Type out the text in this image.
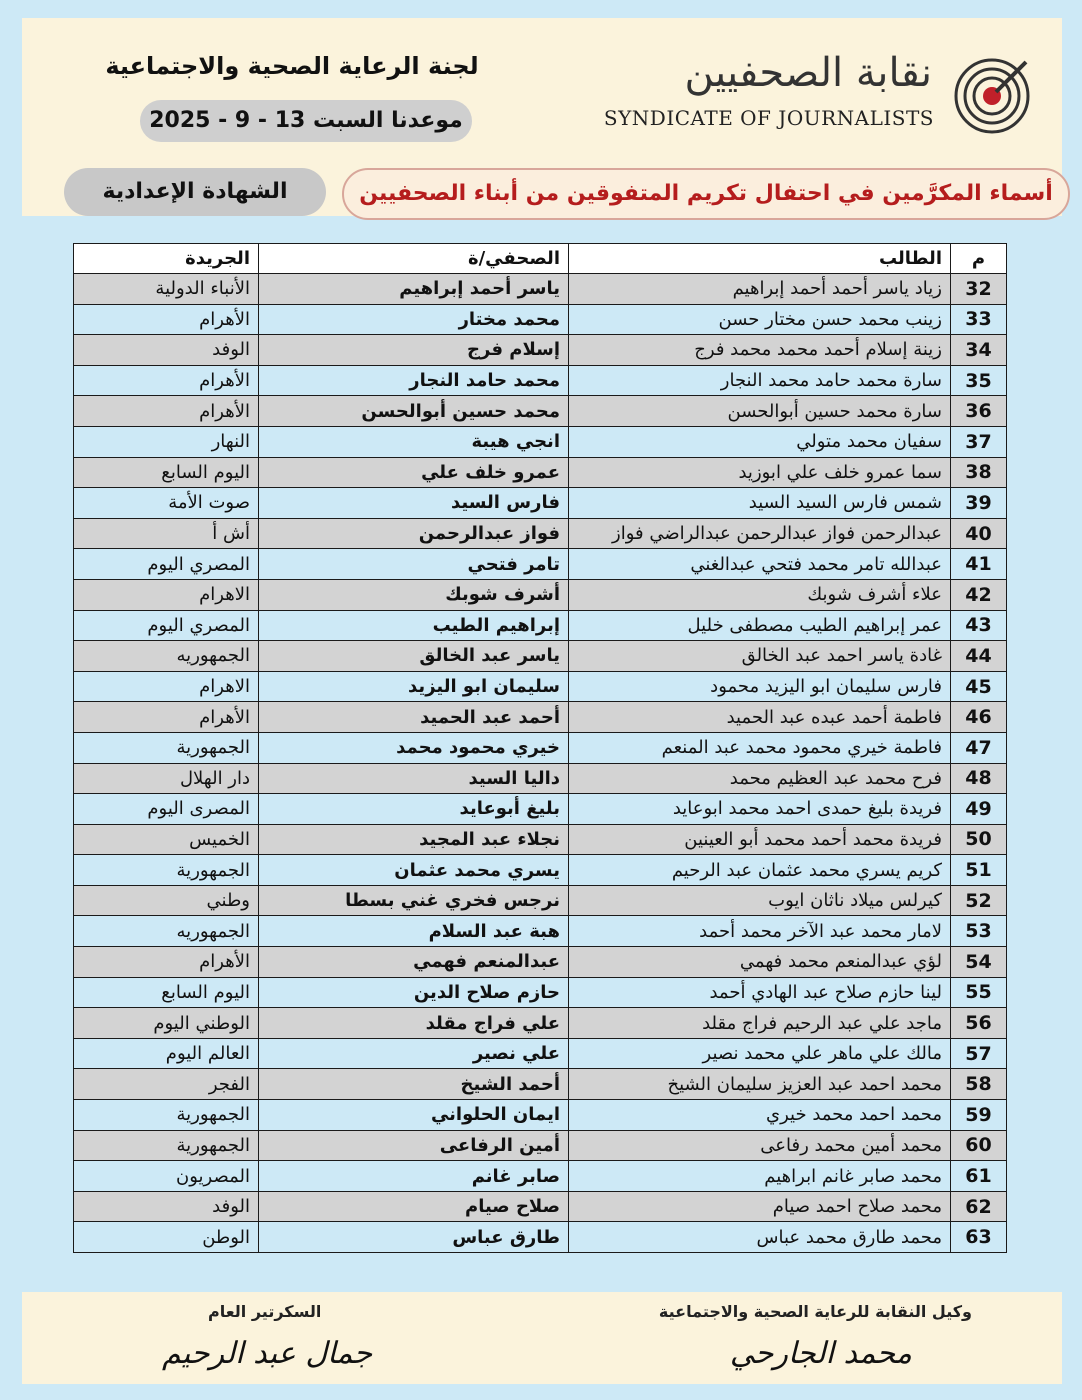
نقابة الصحفيين
SYNDICATE OF JOURNALISTS
لجنة الرعاية الصحية والاجتماعية
موعدنا السبت 13 - 9 - 2025
أسماء المكرَّمين في احتفال تكريم المتفوقين من أبناء الصحفيين
الشهادة الإعدادية
م	الطالب	الصحفي/ة	الجريدة
32	زياد ياسر أحمد أحمد إبراهيم	ياسر أحمد إبراهيم	الأنباء الدولية
33	زينب محمد حسن مختار حسن	محمد مختار	الأهرام
34	زينة إسلام أحمد محمد محمد فرج	إسلام فرج	الوفد
35	سارة محمد حامد محمد النجار	محمد حامد النجار	الأهرام
36	سارة محمد حسين أبوالحسن	محمد حسين أبوالحسن	الأهرام
37	سفيان محمد متولي	انجي هيبة	النهار
38	سما عمرو خلف علي ابوزيد	عمرو خلف علي	اليوم السابع
39	شمس فارس السيد السيد	فارس السيد	صوت الأمة
40	عبدالرحمن فواز عبدالرحمن عبدالراضي فواز	فواز عبدالرحمن	أش أ
41	عبدالله تامر محمد فتحي عبدالغني	تامر فتحي	المصري اليوم
42	علاء أشرف شوبك	أشرف شوبك	الاهرام
43	عمر إبراهيم الطيب مصطفى خليل	إبراهيم الطيب	المصري اليوم
44	غادة ياسر احمد عبد الخالق	ياسر عبد الخالق	الجمهوريه
45	فارس سليمان ابو اليزيد محمود	سليمان ابو اليزيد	الاهرام
46	فاطمة أحمد عبده عبد الحميد	أحمد عبد الحميد	الأهرام
47	فاطمة خيري محمود محمد عبد المنعم	خيري محمود محمد	الجمهورية
48	فرح محمد عبد العظيم محمد	داليا السيد	دار الهلال
49	فريدة بليغ حمدى احمد محمد ابوعايد	بليغ أبوعايد	المصرى اليوم
50	فريدة محمد أحمد محمد أبو العينين	نجلاء عبد المجيد	الخميس
51	كريم يسري محمد عثمان عبد الرحيم	يسري محمد عثمان	الجمهورية
52	كيرلس ميلاد ناثان ايوب	نرجس فخري غني بسطا	وطني
53	لامار محمد عبد الآخر محمد أحمد	هبة عبد السلام	الجمهوريه
54	لؤي عبدالمنعم محمد فهمي	عبدالمنعم فهمي	الأهرام
55	لينا حازم صلاح عبد الهادي أحمد	حازم صلاح الدين	اليوم السابع
56	ماجد علي عبد الرحيم فراج مقلد	علي فراج مقلد	الوطني اليوم
57	مالك علي ماهر علي محمد نصير	علي نصير	العالم اليوم
58	محمد احمد عبد العزيز سليمان الشيخ	أحمد الشيخ	الفجر
59	محمد احمد محمد خيري	ايمان الحلواني	الجمهورية
60	محمد أمين محمد رفاعى	أمين الرفاعى	الجمهورية
61	محمد صابر غانم ابراهيم	صابر غانم	المصريون
62	محمد صلاح احمد صيام	صلاح صيام	الوفد
63	محمد طارق محمد عباس	طارق عباس	الوطن
وكيل النقابة للرعاية الصحية والاجتماعية
محمد الجارحي
السكرتير العام
جمال عبد الرحيم
